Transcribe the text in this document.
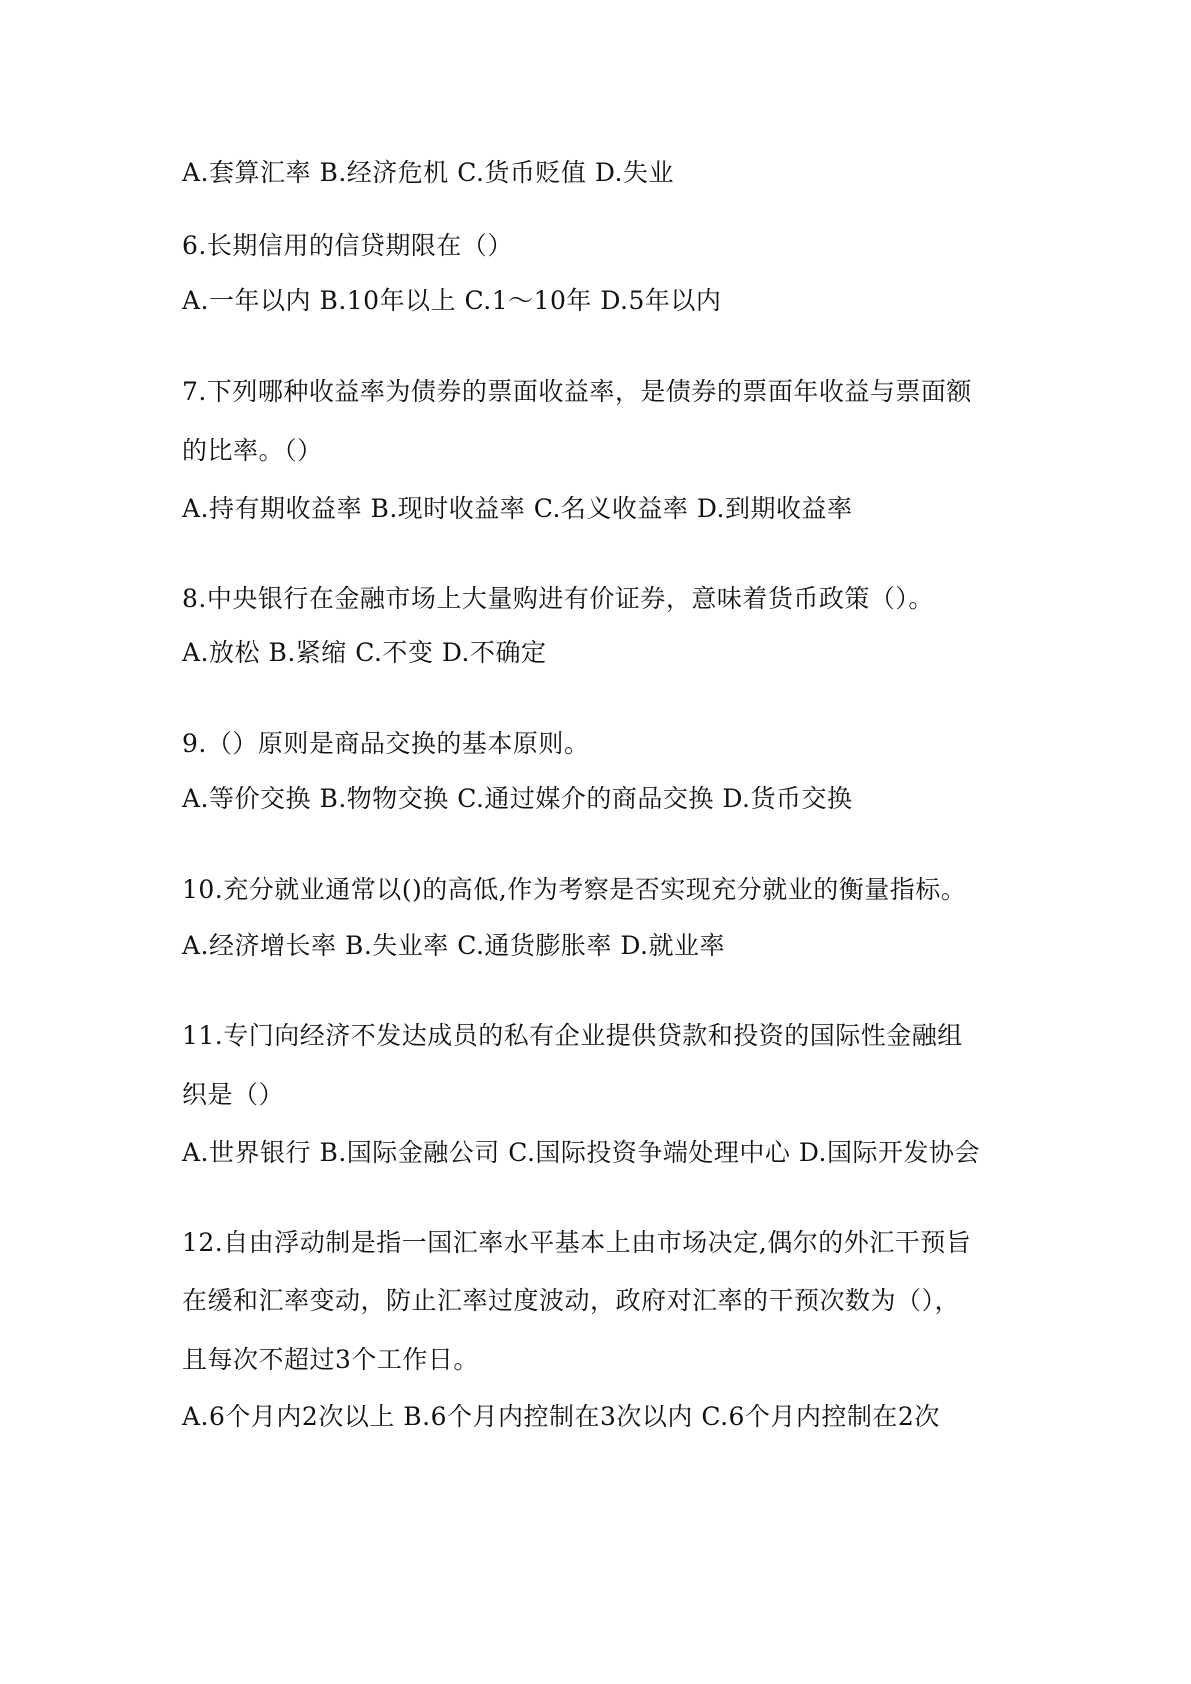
A.套算汇率 B.经济危机 C.货币贬值 D.失业
6.长期信用的信贷期限在（）
A.一年以内 B.10年以上 C.1～10年 D.5年以内
7.下列哪种收益率为债券的票面收益率，是债券的票面年收益与票面额
的比率。（）
A.持有期收益率 B.现时收益率 C.名义收益率 D.到期收益率
8.中央银行在金融市场上大量购进有价证券，意味着货币政策（）。
A.放松 B.紧缩 C.不变 D.不确定
9.（）原则是商品交换的基本原则。
A.等价交换 B.物物交换 C.通过媒介的商品交换 D.货币交换
10.充分就业通常以()的高低,作为考察是否实现充分就业的衡量指标。
A.经济增长率 B.失业率 C.通货膨胀率 D.就业率
11.专门向经济不发达成员的私有企业提供贷款和投资的国际性金融组
织是（）
A.世界银行 B.国际金融公司 C.国际投资争端处理中心 D.国际开发协会
12.自由浮动制是指一国汇率水平基本上由市场决定,偶尔的外汇干预旨
在缓和汇率变动，防止汇率过度波动，政府对汇率的干预次数为（），
且每次不超过3个工作日。
A.6个月内2次以上 B.6个月内控制在3次以内 C.6个月内控制在2次
